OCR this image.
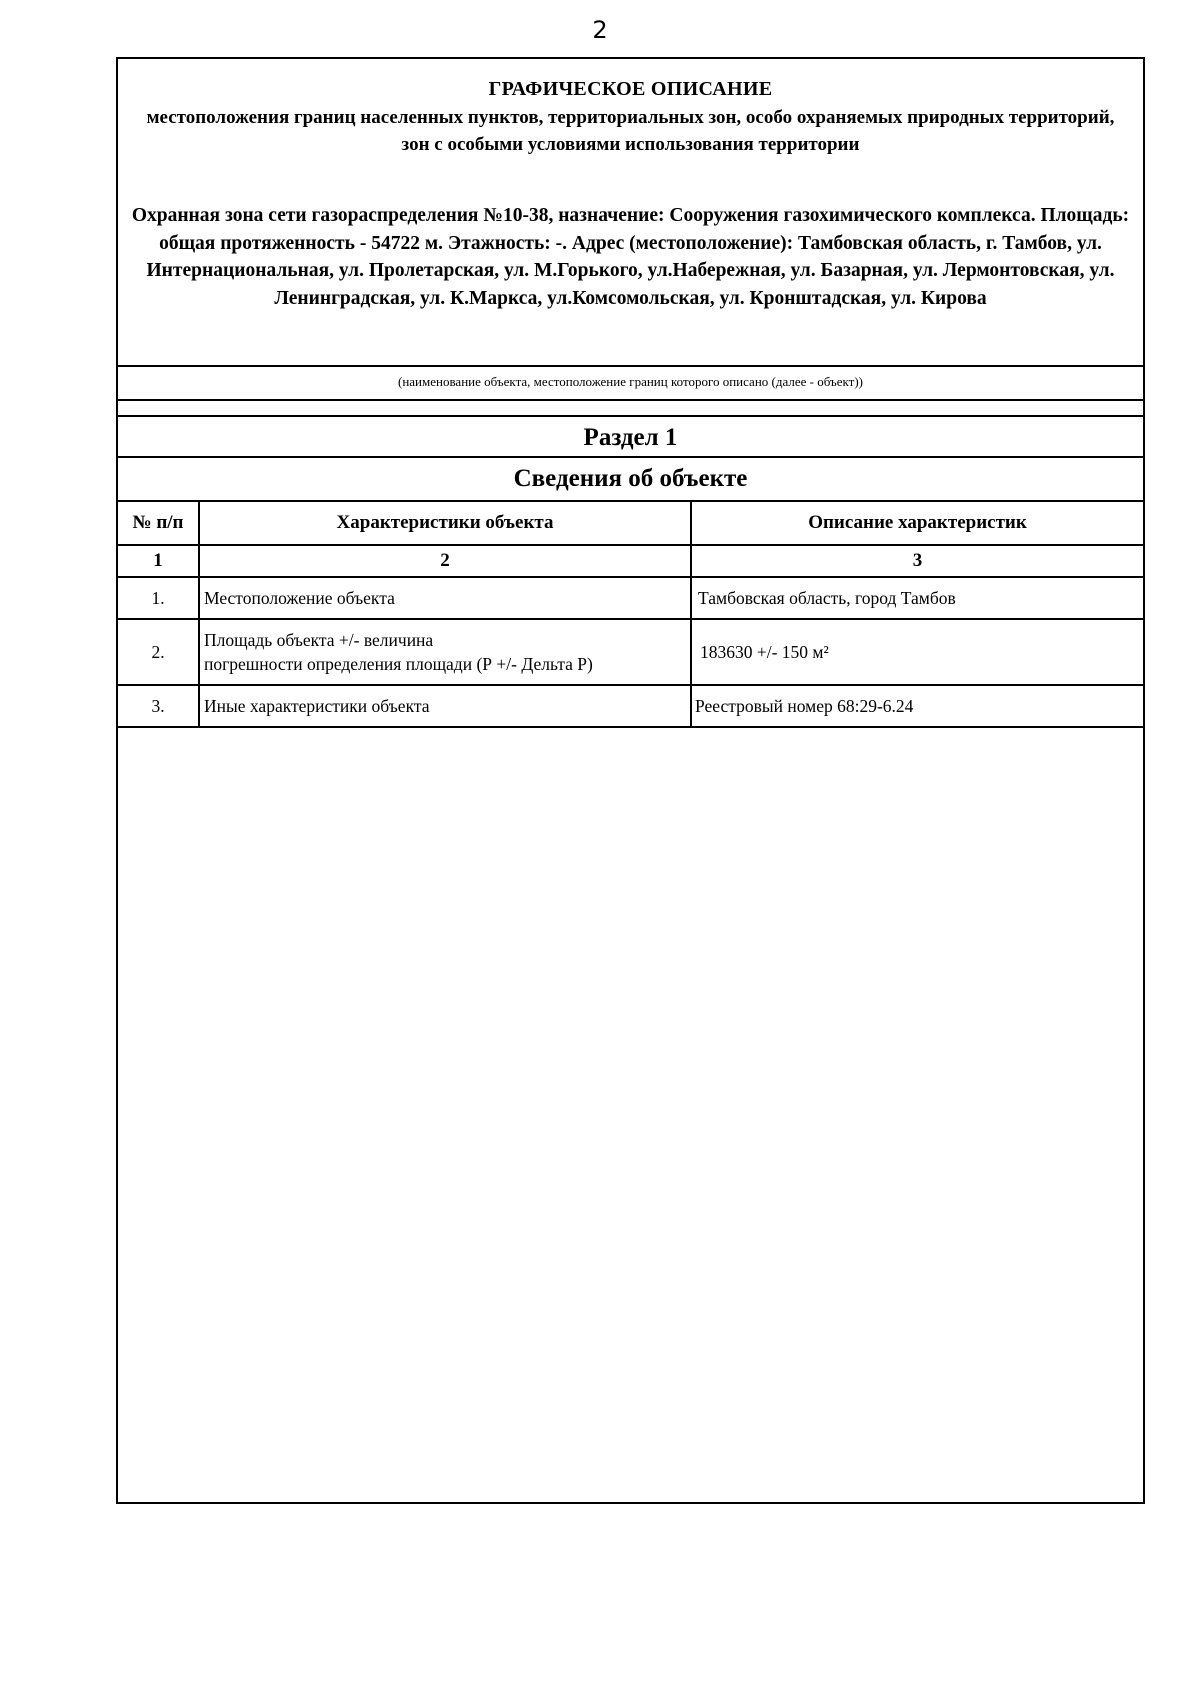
2
ГРАФИЧЕСКОЕ ОПИСАНИЕ
местоположения границ населенных пунктов, территориальных зон, особо охраняемых природных территорий, зон с особыми условиями использования территории
Охранная зона сети газораспределения №10-38, назначение: Сооружения газохимического комплекса. Площадь: общая протяженность - 54722 м. Этажность: -. Адрес (местоположение): Тамбовская область, г. Тамбов, ул. Интернациональная, ул. Пролетарская, ул. М.Горького, ул.Набережная, ул. Базарная, ул. Лермонтовская, ул. Ленинградская, ул. К.Маркса, ул.Комсомольская, ул. Кронштадская, ул. Кирова
(наименование объекта, местоположение границ которого описано (далее - объект))
Раздел 1
Сведения об объекте
№ п/п	Характеристики объекта	Описание характеристик
1	2	3
1.	Местоположение объекта	Тамбовская область, город Тамбов
2.	Площадь объекта +/- величина
погрешности определения площади (Р +/- Дельта Р)	183630 +/- 150 м²
3.	Иные характеристики объекта	Реестровый номер 68:29-6.24
